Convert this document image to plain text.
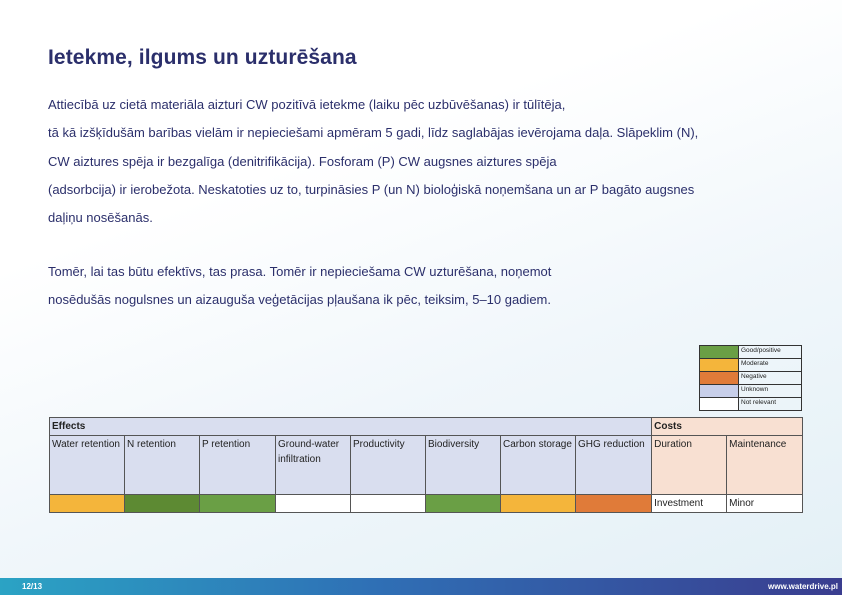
Ietekme, ilgums un uzturēšana
Attiecībā uz cietā materiāla aizturi CW pozitīvā ietekme (laiku pēc uzbūvēšanas) ir tūlītēja,
tā kā izšķīdušām barības vielām ir nepieciešami apmēram 5 gadi, līdz saglabājas ievērojama daļa. Slāpeklim (N),
CW aiztures spēja ir bezgalīga (denitrifikācija). Fosforam (P) CW augsnes aiztures spēja
(adsorbcija) ir ierobežota. Neskatoties uz to, turpināsies P (un N) bioloģiskā noņemšana un ar P bagāto augsnes
daļiņu nosēšanās.
Tomēr, lai tas būtu efektīvs, tas prasa. Tomēr ir nepieciešama CW uzturēšana, noņemot
nosēdušās nogulsnes un aizauguša veģetācijas pļaušana ik pēc, teiksim, 5–10 gadiem.
	Good/positive
	Moderate
	Negative
	Unknown
	Not relevant
Effects								Costs	
Water retention	N retention	P retention	Ground-water infiltration	Productivity	Biodiversity	Carbon storage	GHG reduction	Duration	Maintenance
								Investment	Minor
12/13	www.waterdrive.pl
